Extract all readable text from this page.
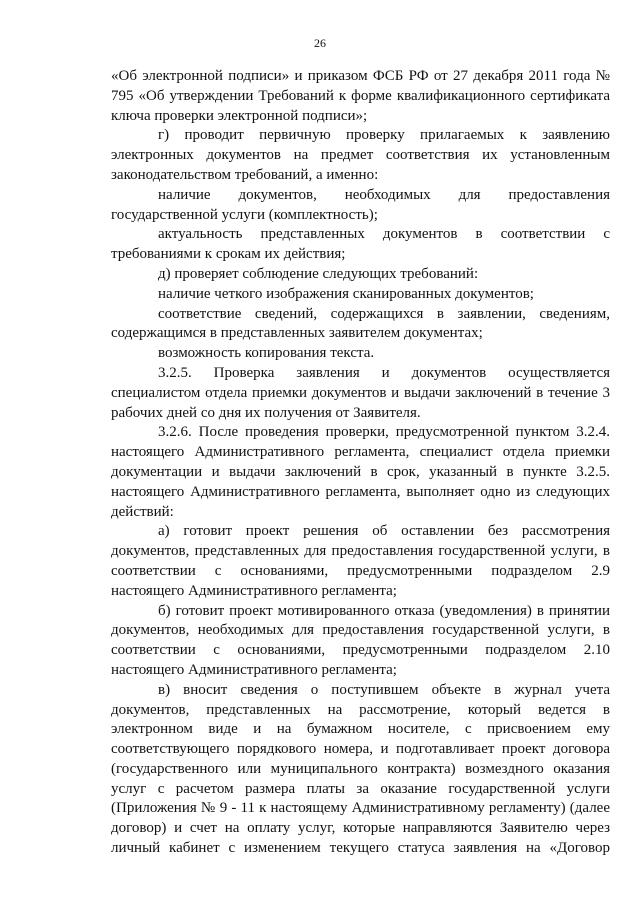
26

«Об электронной подписи» и приказом ФСБ РФ от 27 декабря 2011 года № 795 «Об утверждении Требований к форме квалификационного сертификата ключа проверки электронной подписи»;

г) проводит первичную проверку прилагаемых к заявлению электронных документов на предмет соответствия их установленным законодательством требований, а именно:

наличие документов, необходимых для предоставления государственной услуги (комплектность);

актуальность представленных документов в соответствии с требованиями к срокам их действия;

д) проверяет соблюдение следующих требований:

наличие четкого изображения сканированных документов;

соответствие сведений, содержащихся в заявлении, сведениям, содержащимся в представленных заявителем документах;

возможность копирования текста.

3.2.5. Проверка заявления и документов осуществляется специалистом отдела приемки документов и выдачи заключений в течение 3 рабочих дней со дня их получения от Заявителя.

3.2.6. После проведения проверки, предусмотренной пунктом 3.2.4. настоящего Административного регламента, специалист отдела приемки документации и выдачи заключений в срок, указанный в пункте 3.2.5. настоящего Административного регламента, выполняет одно из следующих действий:

а) готовит проект решения об оставлении без рассмотрения документов, представленных для предоставления государственной услуги, в соответствии с основаниями, предусмотренными подразделом 2.9 настоящего Административного регламента;

б) готовит проект мотивированного отказа (уведомления) в принятии документов, необходимых для предоставления государственной услуги, в соответствии с основаниями, предусмотренными подразделом 2.10 настоящего Административного регламента;

в) вносит сведения о поступившем объекте в журнал учета документов, представленных на рассмотрение, который ведется в электронном виде и на бумажном носителе, с присвоением ему соответствующего порядкового номера, и подготавливает проект договора (государственного или муниципального контракта) возмездного оказания услуг с расчетом размера платы за оказание государственной услуги (Приложения № 9 - 11 к настоящему Административному регламенту) (далее договор) и счет на оплату услуг, которые направляются Заявителю через личный кабинет с изменением текущего статуса заявления на «Договор
